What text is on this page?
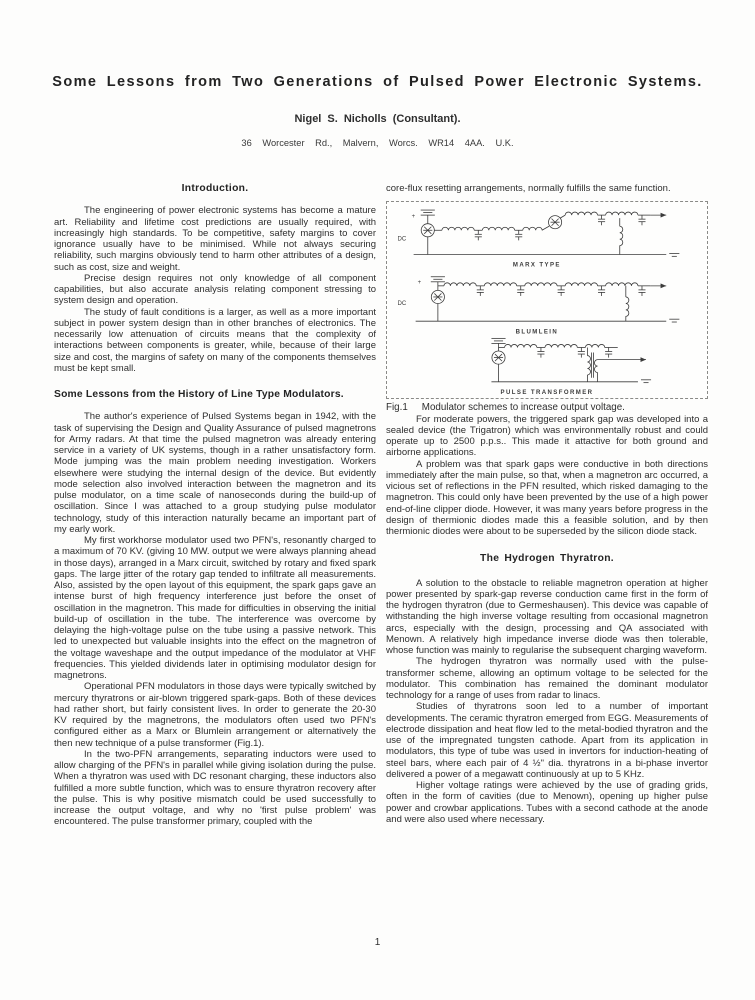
Some Lessons from Two Generations of Pulsed Power Electronic Systems.
Nigel S. Nicholls (Consultant).
36 Worcester Rd., Malvern, Worcs. WR14 4AA. U.K.
Introduction.

The engineering of power electronic systems has become a mature art. Reliability and lifetime cost predictions are usually required, with increasingly high standards. To be competitive, safety margins to cover ignorance usually have to be minimised. While not always securing reliability, such margins obviously tend to harm other attributes of a design, such as cost, size and weight.

Precise design requires not only knowledge of all component capabilities, but also accurate analysis relating component stressing to system design and operation.

The study of fault conditions is a larger, as well as a more important subject in power system design than in other branches of electronics. The necessarily low attenuation of circuits means that the complexity of interactions between components is greater, while, because of their large size and cost, the margins of safety on many of the components themselves must be kept small.

Some Lessons from the History of Line Type Modulators.

The author's experience of Pulsed Systems began in 1942, with the task of supervising the Design and Quality Assurance of pulsed magnetrons for Army radars. At that time the pulsed magnetron was already entering service in a variety of UK systems, though in a rather unsatisfactory form. Mode jumping was the main problem needing investigation. Workers elsewhere were studying the internal design of the device. But evidently mode selection also involved interaction between the magnetron and its pulse modulator, on a time scale of nanoseconds during the build-up of oscillation. Since I was attached to a group studying pulse modulator technology, study of this interaction naturally became an important part of my early work.

My first workhorse modulator used two PFN's, resonantly charged to a maximum of 70 KV. (giving 10 MW. output we were always planning ahead in those days), arranged in a Marx circuit, switched by rotary and fixed spark gaps. The large jitter of the rotary gap tended to infiltrate all measurements. Also, assisted by the open layout of this equipment, the spark gaps gave an intense burst of high frequency interference just before the onset of oscillation in the magnetron. This made for difficulties in observing the initial build-up of oscillation in the tube. The interference was overcome by delaying the high-voltage pulse on the tube using a passive network. This led to unexpected but valuable insights into the effect on the magnetron of the voltage waveshape and the output impedance of the modulator at VHF frequencies. This yielded dividends later in optimising modulator design for magnetrons.

Operational PFN modulators in those days were typically switched by mercury thyratrons or air-blown triggered spark-gaps. Both of these devices had rather short, but fairly consistent lives. In order to generate the 20-30 KV required by the magnetrons, the modulators often used two PFN's configured either as a Marx or Blumlein arrangement or alternatively the then new technique of a pulse transformer (Fig.1).

In the two-PFN arrangements, separating inductors were used to allow charging of the PFN's in parallel while giving isolation during the pulse. When a thyratron was used with DC resonant charging, these inductors also fulfilled a more subtle function, which was to ensure thyratron recovery after the pulse. This is why positive mismatch could be used successfully to increase the output voltage, and why no 'first pulse problem' was encountered. The pulse transformer primary, coupled with the

core-flux resetting arrangements, normally fulfills the same function.

+
DC
MARX TYPE
+
DC
BLUMLEIN
PULSE TRANSFORMER

Fig.1 Modulator schemes to increase output voltage.

For moderate powers, the triggered spark gap was developed into a sealed device (the Trigatron) which was environmentally robust and could operate up to 2500 p.p.s.. This made it attactive for both ground and airborne applications.

A problem was that spark gaps were conductive in both directions immediately after the main pulse, so that, when a magnetron arc occurred, a vicious set of reflections in the PFN resulted, which risked damaging to the magnetron. This could only have been prevented by the use of a high power end-of-line clipper diode. However, it was many years before progress in the design of thermionic diodes made this a feasible solution, and by then thermionic diodes were about to be superseded by the silicon diode stack.

The Hydrogen Thyratron.

A solution to the obstacle to reliable magnetron operation at higher power presented by spark-gap reverse conduction came first in the form of the hydrogen thyratron (due to Germeshausen). This device was capable of withstanding the high inverse voltage resulting from occasional magnetron arcs, especially with the design, processing and QA associated with Menown. A relatively high impedance inverse diode was then tolerable, whose function was mainly to regularise the subsequent charging waveform.

The hydrogen thyratron was normally used with the pulse-transformer scheme, allowing an optimum voltage to be selected for the modulator. This combination has remained the dominant modulator technology for a range of uses from radar to linacs.

Studies of thyratrons soon led to a number of important developments. The ceramic thyratron emerged from EGG. Measurements of electrode dissipation and heat flow led to the metal-bodied thyratron and the use of the impregnated tungsten cathode. Apart from its application in modulators, this type of tube was used in invertors for induction-heating of steel bars, where each pair of 4 ½" dia. thyratrons in a bi-phase invertor delivered a power of a megawatt continuously at up to 5 KHz.

Higher voltage ratings were achieved by the use of grading grids, often in the form of cavities (due to Menown), opening up higher pulse power and crowbar applications. Tubes with a second cathode at the anode and were also used where necessary.

1
